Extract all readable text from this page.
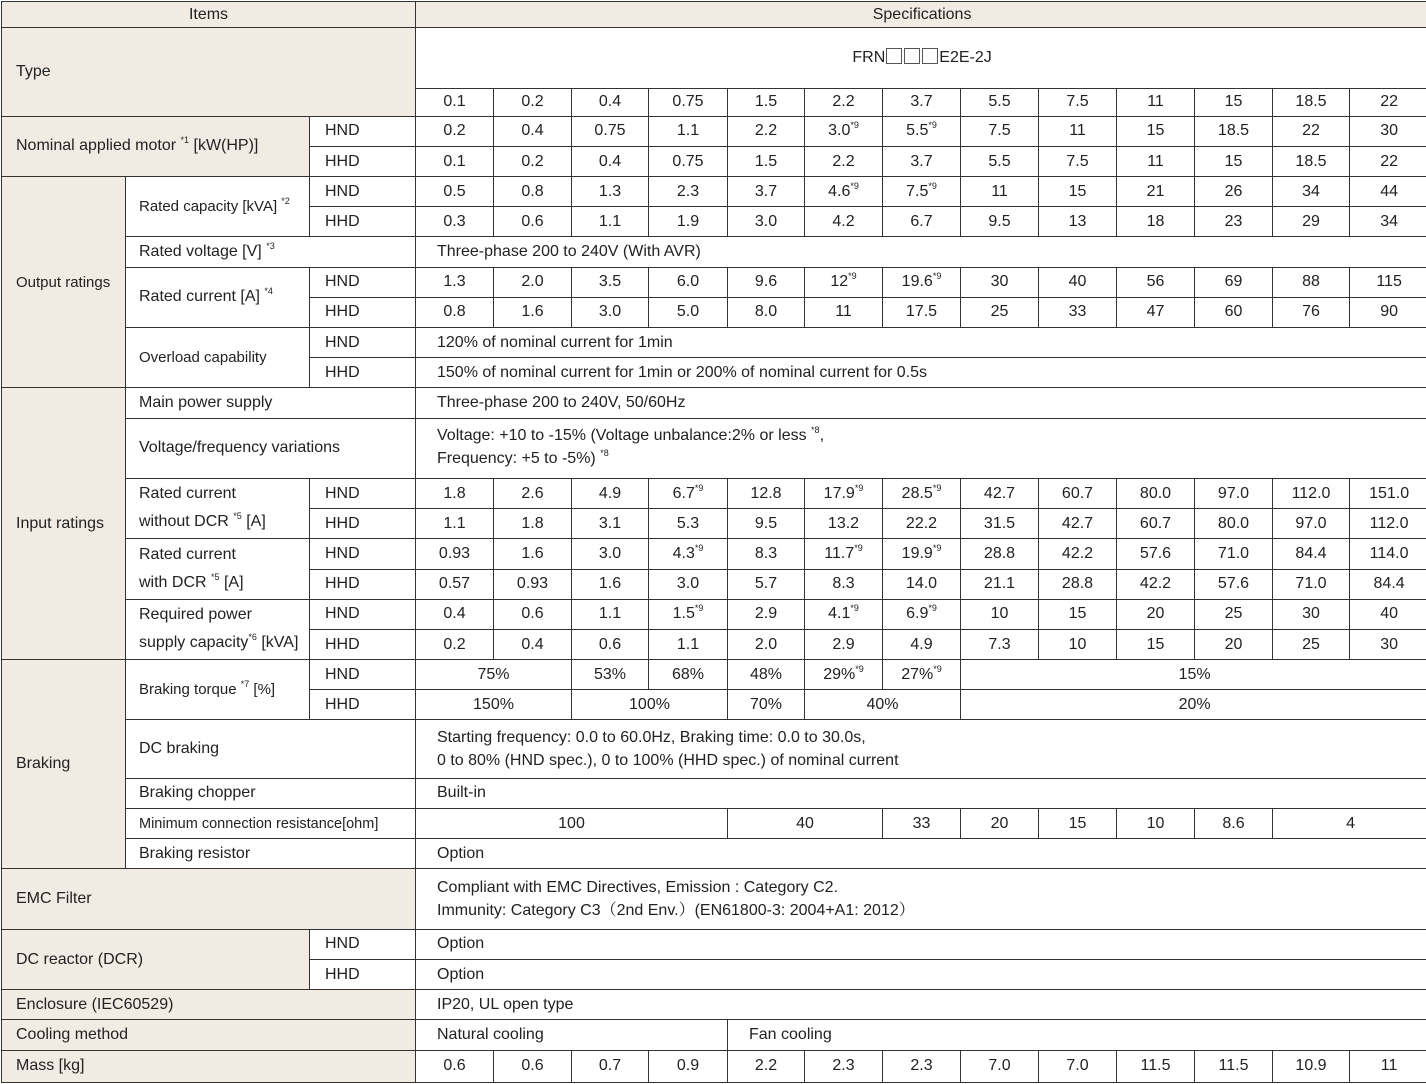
Items			Specifications												
Type			FRN E2E-2J												
			0.1	0.2	0.4	0.75	1.5	2.2	3.7	5.5	7.5	11	15	18.5	22
Nominal applied motor $^{*1}$ [kW(HP)]		HND	0.2	0.4	0.75	1.1	2.2	3.0$^{*9}$	5.5$^{*9}$	7.5	11	15	18.5	22	30
		HHD	0.1	0.2	0.4	0.75	1.5	2.2	3.7	5.5	7.5	11	15	18.5	22
Output ratings	Rated capacity [kVA] $^{*2}$	HND	0.5	0.8	1.3	2.3	3.7	4.6$^{*9}$	7.5$^{*9}$	11	15	21	26	34	44
		HHD	0.3	0.6	1.1	1.9	3.0	4.2	6.7	9.5	13	18	23	29	34
	Rated voltage [V] $^{*3}$		Three-phase 200 to 240V (With AVR)												
	Rated current [A] $^{*4}$	HND	1.3	2.0	3.5	6.0	9.6	12$^{*9}$	19.6$^{*9}$	30	40	56	69	88	115
		HHD	0.8	1.6	3.0	5.0	8.0	11	17.5	25	33	47	60	76	90
	Overload capability	HND	120% of nominal current for 1min												
		HHD	150% of nominal current for 1min or 200% of nominal current for 0.5s												
Input ratings	Main power supply		Three-phase 200 to 240V, 50/60Hz												
	Voltage/frequency variations		Voltage: +10 to -15% (Voltage unbalance:2% or less $^{*8}$,
Frequency: +5 to -5%) $^{*8}$
	Rated current
without DCR $^{*5}$ [A]	HND	1.8	2.6	4.9	6.7$^{*9}$	12.8	17.9$^{*9}$	28.5$^{*9}$	42.7	60.7	80.0	97.0	112.0	151.0
		HHD	1.1	1.8	3.1	5.3	9.5	13.2	22.2	31.5	42.7	60.7	80.0	97.0	112.0
	Rated current
with DCR $^{*5}$ [A]	HND	0.93	1.6	3.0	4.3$^{*9}$	8.3	11.7$^{*9}$	19.9$^{*9}$	28.8	42.2	57.6	71.0	84.4	114.0
		HHD	0.57	0.93	1.6	3.0	5.7	8.3	14.0	21.1	28.8	42.2	57.6	71.0	84.4
	Required power
supply capacity$^{*6}$ [kVA]	HND	0.4	0.6	1.1	1.5$^{*9}$	2.9	4.1$^{*9}$	6.9$^{*9}$	10	15	20	25	30	40
		HHD	0.2	0.4	0.6	1.1	2.0	2.9	4.9	7.3	10	15	20	25	30
Braking	Braking torque $^{*7}$ [%]	HND	75%		53%	68%	48%	29%$^{*9}$	27%$^{*9}$	15%					
		HHD	150%		100%		70%	40%		20%					
	DC braking		Starting frequency: 0.0 to 60.0Hz, Braking time: 0.0 to 30.0s,
0 to 80% (HND spec.), 0 to 100% (HHD spec.) of nominal current												
	Braking chopper		Built-in												
	Minimum connection resistance[ohm]		100				40		33	20	15	10	8.6	4	
	Braking resistor		Option												
EMC Filter			Compliant with EMC Directives, Emission : Category C2.
Immunity: Category C3（2nd Env.）(EN61800-3: 2004+A1: 2012）												
DC reactor (DCR)		HND	Option												
		HHD	Option												
Enclosure (IEC60529)			IP20, UL open type												
Cooling method			Natural cooling				Fan cooling								
Mass [kg]			0.6	0.6	0.7	0.9	2.2	2.3	2.3	7.0	7.0	11.5	11.5	10.9	11
